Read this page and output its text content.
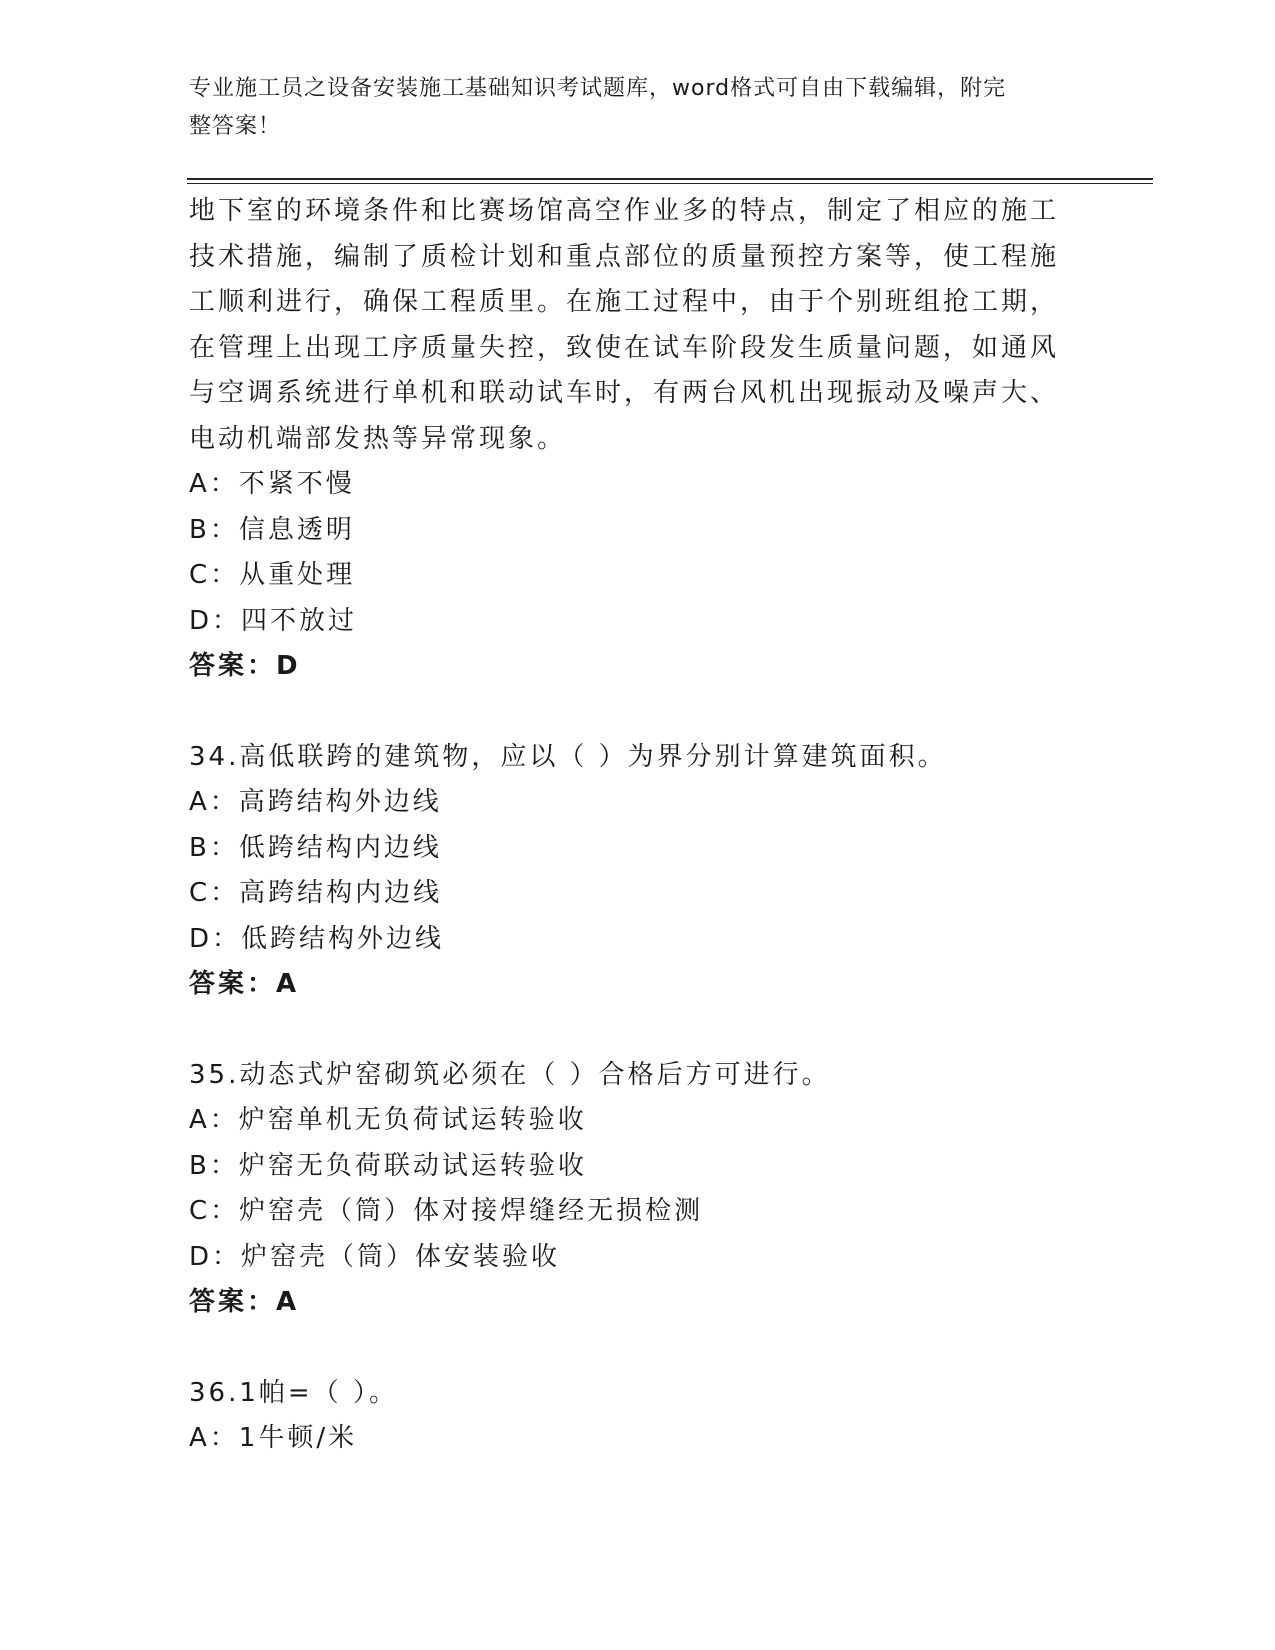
专业施工员之设备安装施工基础知识考试题库，word格式可自由下载编辑，附完
整答案！
地下室的环境条件和比赛场馆高空作业多的特点，制定了相应的施工
技术措施，编制了质检计划和重点部位的质量预控方案等，使工程施
工顺利进行，确保工程质里。在施工过程中，由于个别班组抢工期，
在管理上出现工序质量失控，致使在试车阶段发生质量问题，如通风
与空调系统进行单机和联动试车时，有两台风机出现振动及噪声大、
电动机端部发热等异常现象。
A：不紧不慢
B：信息透明
C：从重处理
D：四不放过
答案：D
34.高低联跨的建筑物，应以（ ）为界分别计算建筑面积。
A：高跨结构外边线
B：低跨结构内边线
C：高跨结构内边线
D：低跨结构外边线
答案：A
35.动态式炉窑砌筑必须在（ ）合格后方可进行。
A：炉窑单机无负荷试运转验收
B：炉窑无负荷联动试运转验收
C：炉窑壳（筒）体对接焊缝经无损检测
D：炉窑壳（筒）体安装验收
答案：A
36.1帕=（ ）。
A：1牛顿/米
